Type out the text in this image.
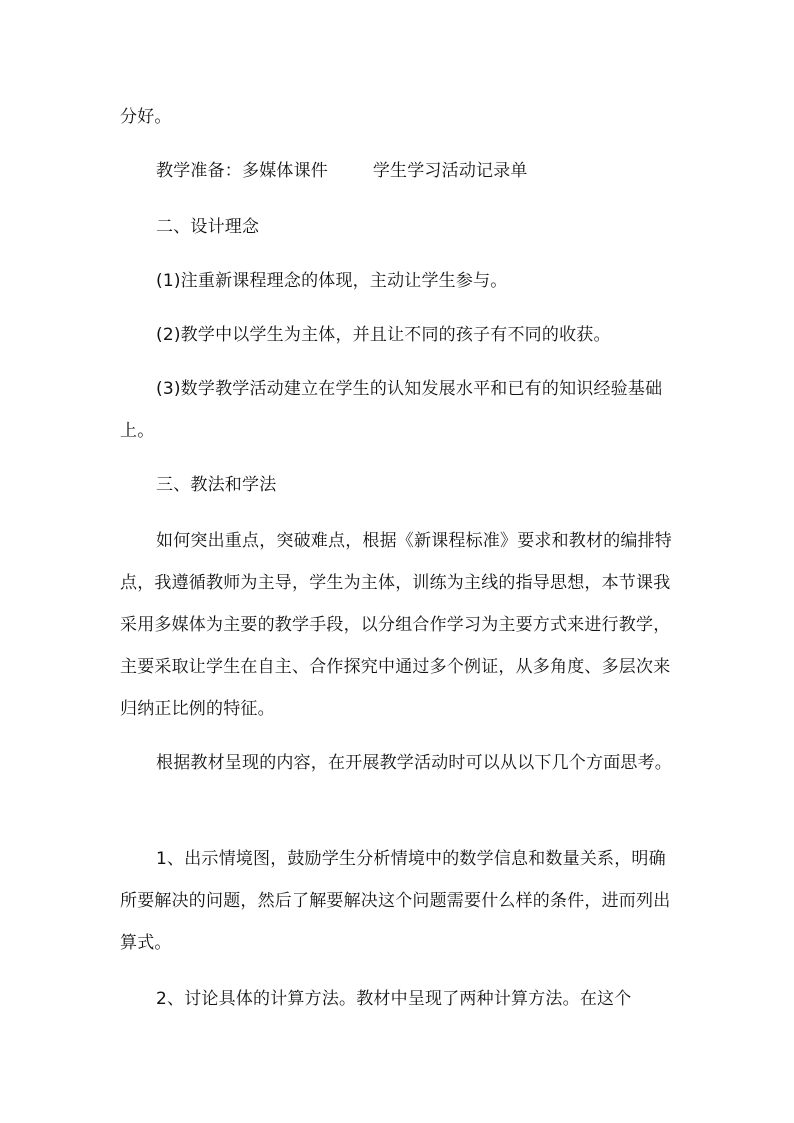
分好。

教学准备：多媒体课件        学生学习活动记录单

二、设计理念

(1)注重新课程理念的体现，主动让学生参与。

(2)教学中以学生为主体，并且让不同的孩子有不同的收获。

(3)数学教学活动建立在学生的认知发展水平和已有的知识经验基础上。

三、教法和学法

如何突出重点，突破难点，根据《新课程标准》要求和教材的编排特点，我遵循教师为主导，学生为主体，训练为主线的指导思想，本节课我采用多媒体为主要的教学手段，以分组合作学习为主要方式来进行教学，主要采取让学生在自主、合作探究中通过多个例证，从多角度、多层次来归纳正比例的特征。

根据教材呈现的内容，在开展教学活动时可以从以下几个方面思考。

1、出示情境图，鼓励学生分析情境中的数学信息和数量关系，明确所要解决的问题，然后了解要解决这个问题需要什么样的条件，进而列出算式。

2、讨论具体的计算方法。教材中呈现了两种计算方法。在这个
